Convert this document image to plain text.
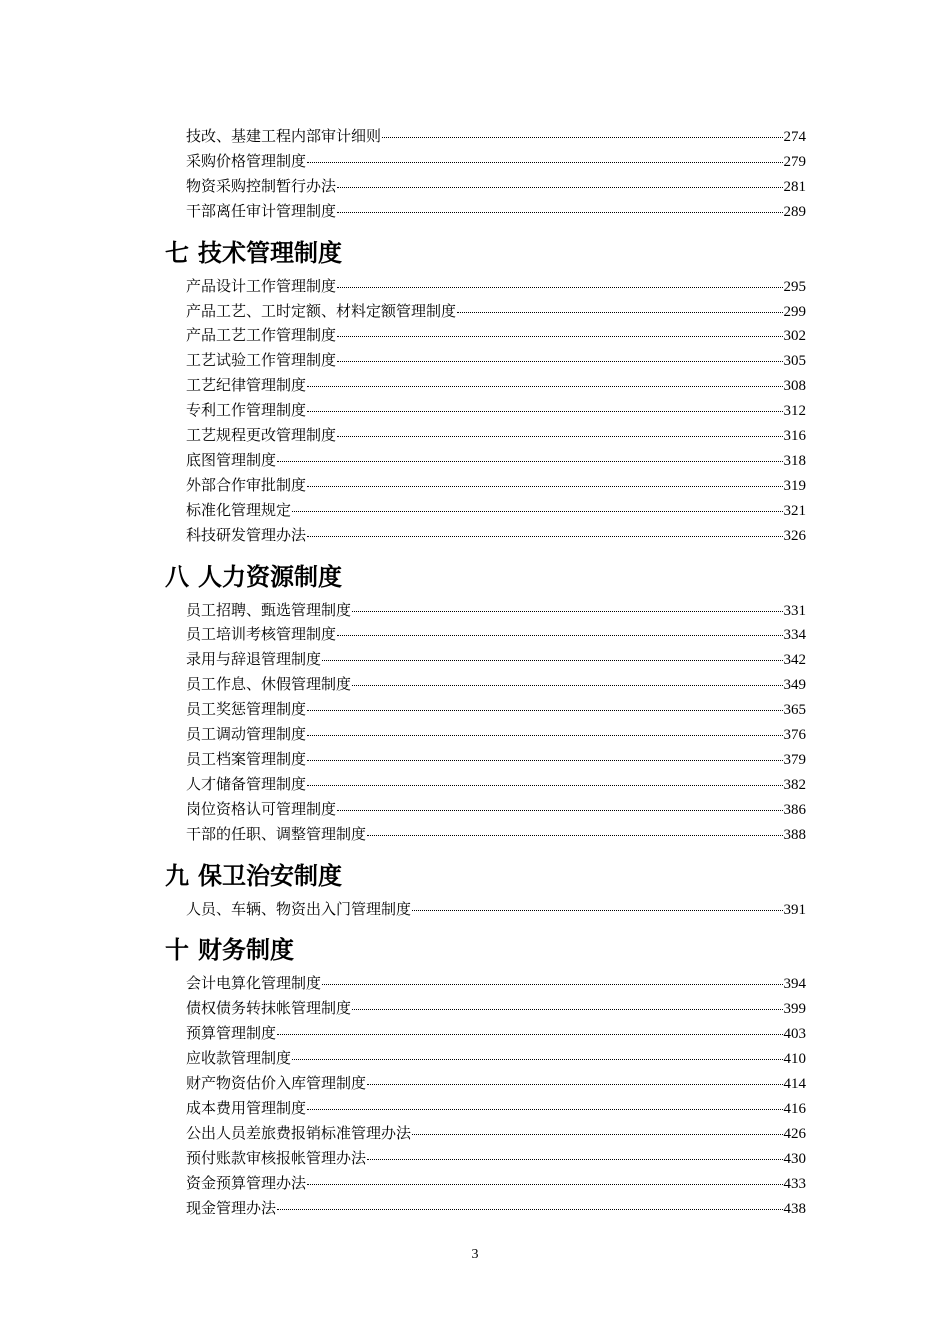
技改、基建工程内部审计细则	274
采购价格管理制度	279
物资采购控制暂行办法	281
干部离任审计管理制度	289
七 技术管理制度
产品设计工作管理制度	295
产品工艺、工时定额、材料定额管理制度	299
产品工艺工作管理制度	302
工艺试验工作管理制度	305
工艺纪律管理制度	308
专利工作管理制度	312
工艺规程更改管理制度	316
底图管理制度	318
外部合作审批制度	319
标准化管理规定	321
科技研发管理办法	326
八 人力资源制度
员工招聘、甄选管理制度	331
员工培训考核管理制度	334
录用与辞退管理制度	342
员工作息、休假管理制度	349
员工奖惩管理制度	365
员工调动管理制度	376
员工档案管理制度	379
人才储备管理制度	382
岗位资格认可管理制度	386
干部的任职、调整管理制度	388
九 保卫治安制度
人员、车辆、物资出入门管理制度	391
十 财务制度
会计电算化管理制度	394
债权债务转抹帐管理制度	399
预算管理制度	403
应收款管理制度	410
财产物资估价入库管理制度	414
成本费用管理制度	416
公出人员差旅费报销标准管理办法	426
预付账款审核报帐管理办法	430
资金预算管理办法	433
现金管理办法	438
3
